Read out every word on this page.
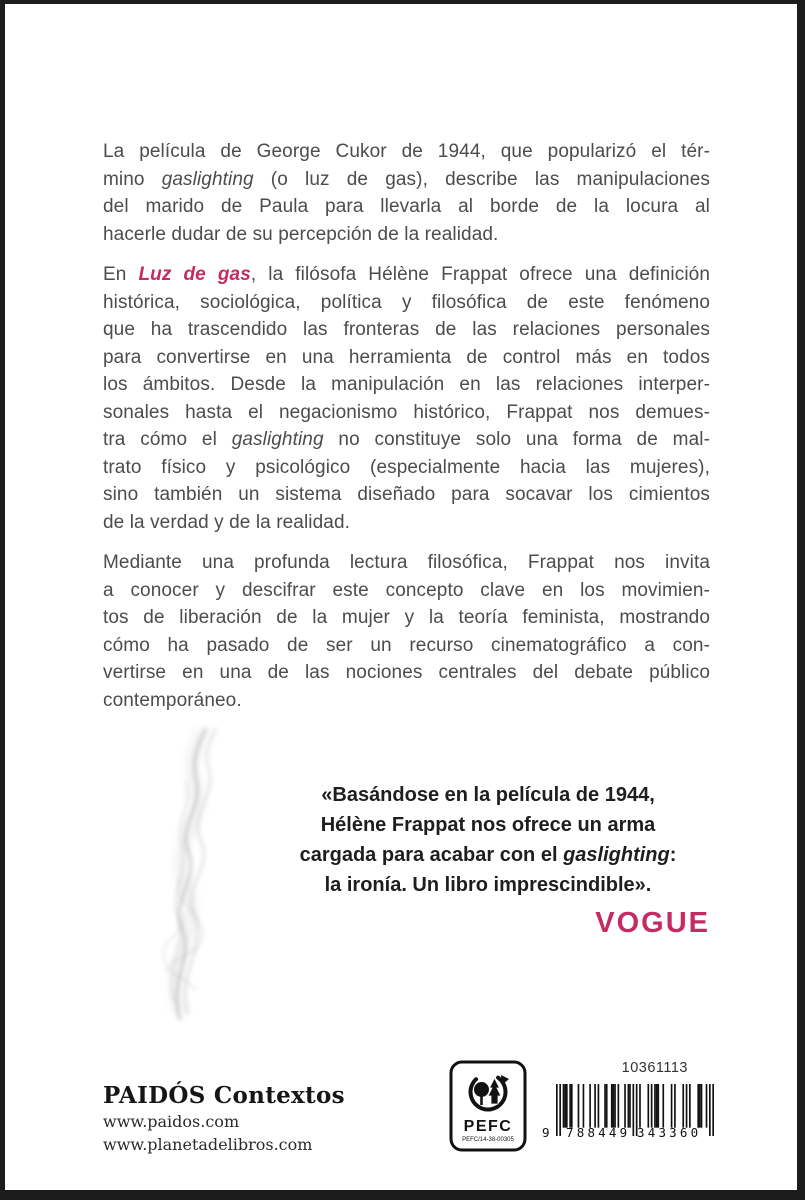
La película de George Cukor de 1944, que popularizó el tér-
mino gaslighting (o luz de gas), describe las manipulaciones
del marido de Paula para llevarla al borde de la locura al
hacerle dudar de su percepción de la realidad.
En Luz de gas, la filósofa Hélène Frappat ofrece una definición
histórica, sociológica, política y filosófica de este fenómeno
que ha trascendido las fronteras de las relaciones personales
para convertirse en una herramienta de control más en todos
los ámbitos. Desde la manipulación en las relaciones interper-
sonales hasta el negacionismo histórico, Frappat nos demues-
tra cómo el gaslighting no constituye solo una forma de mal-
trato físico y psicológico (especialmente hacia las mujeres),
sino también un sistema diseñado para socavar los cimientos
de la verdad y de la realidad.
Mediante una profunda lectura filosófica, Frappat nos invita
a conocer y descifrar este concepto clave en los movimien-
tos de liberación de la mujer y la teoría feminista, mostrando
cómo ha pasado de ser un recurso cinematográfico a con-
vertirse en una de las nociones centrales del debate público
contemporáneo.
«Basándose en la película de 1944,
Hélène Frappat nos ofrece un arma
cargada para acabar con el gaslighting:
la ironía. Un libro imprescindible».
VOGUE
PAIDÓS Contextos
www.paidos.com
www.planetadelibros.com
PEFC
PEFC/14-38-00305
10361113
9 788449 343360
